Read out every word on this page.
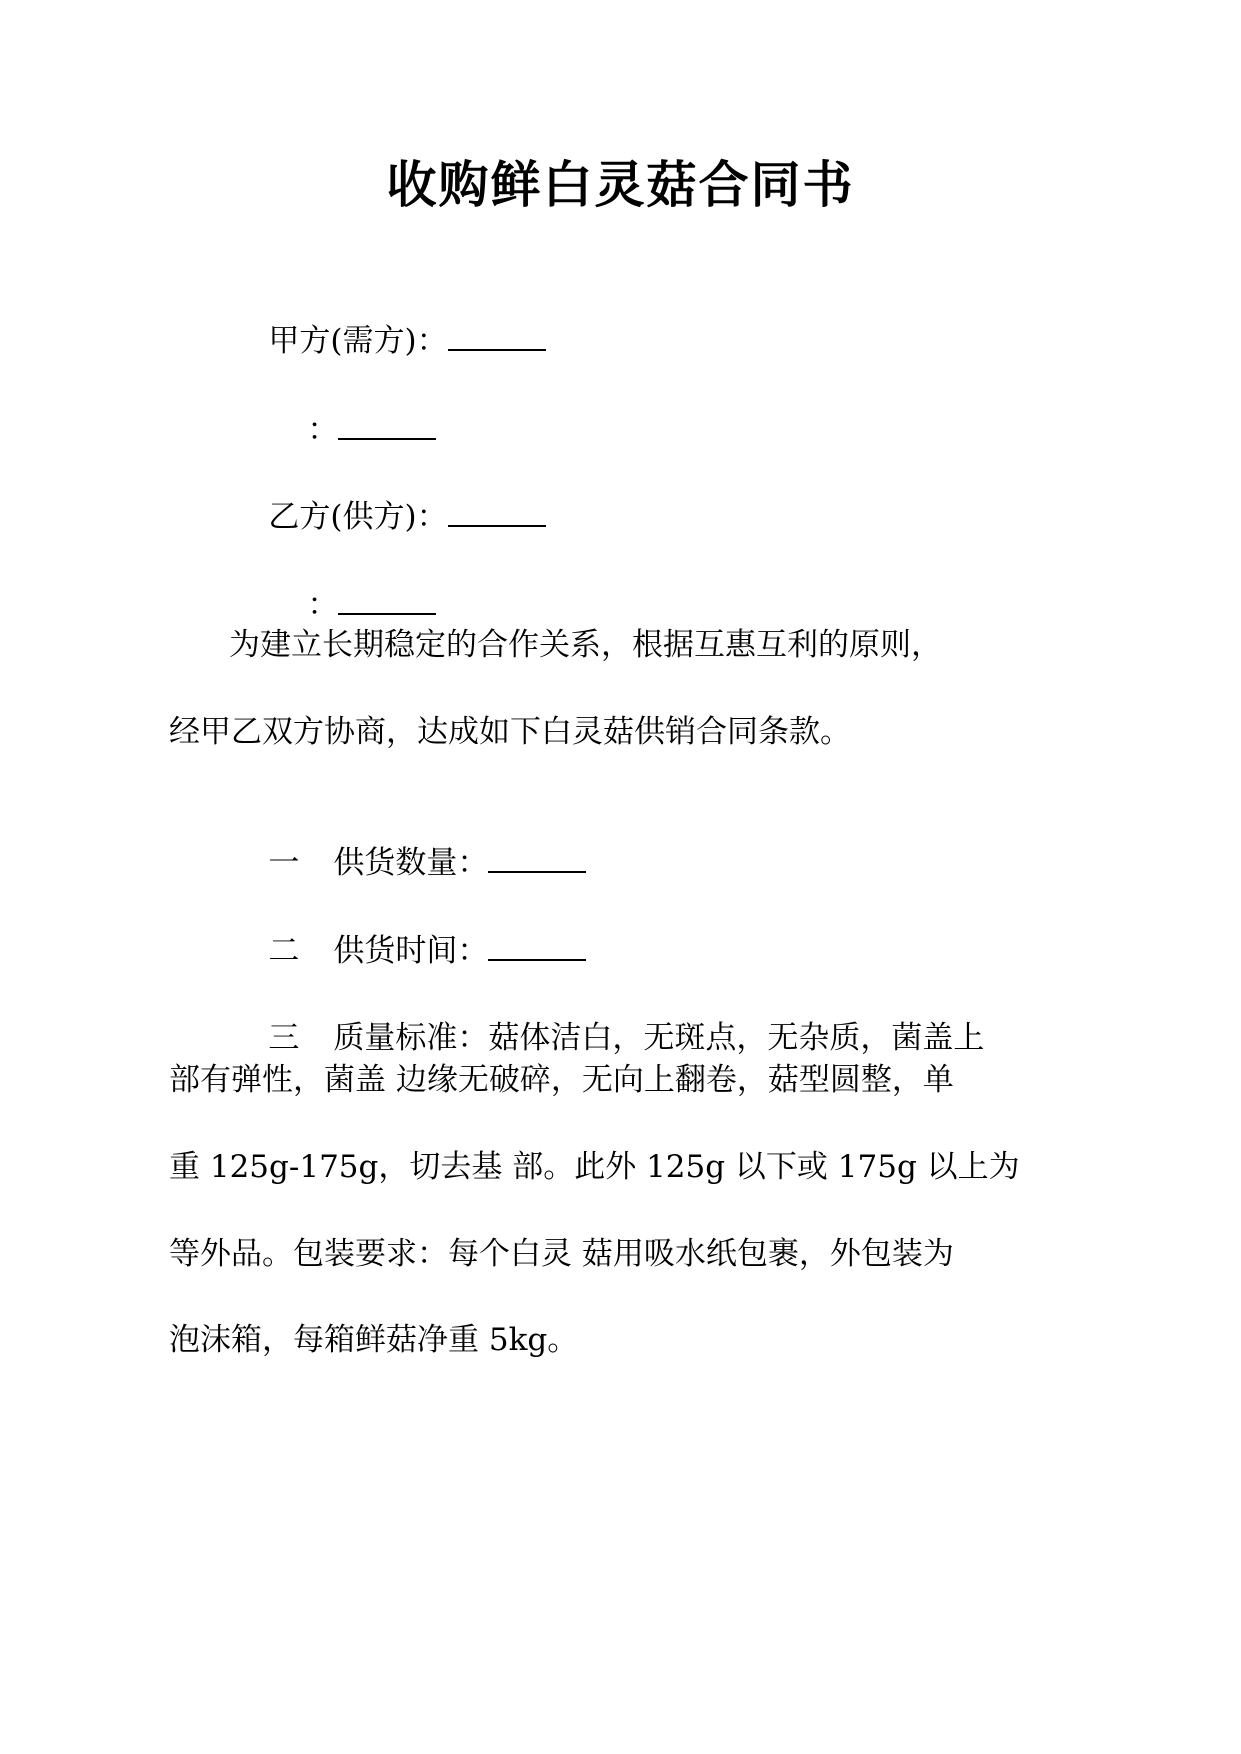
收购鲜白灵菇合同书

甲方(需方)：

：

乙方(供方)：

：

为建立长期稳定的合作关系，根据互惠互利的原则，
经甲乙双方协商，达成如下白灵菇供销合同条款。

一 供货数量：

二 供货时间：

三 质量标准：菇体洁白，无斑点，无杂质，菌盖上

部有弹性，菌盖 边缘无破碎，无向上翻卷，菇型圆整，单
重 125g-175g，切去基 部。此外 125g 以下或 175g 以上为
等外品。包装要求：每个白灵 菇用吸水纸包裹，外包装为
泡沫箱，每箱鲜菇净重 5kg。
